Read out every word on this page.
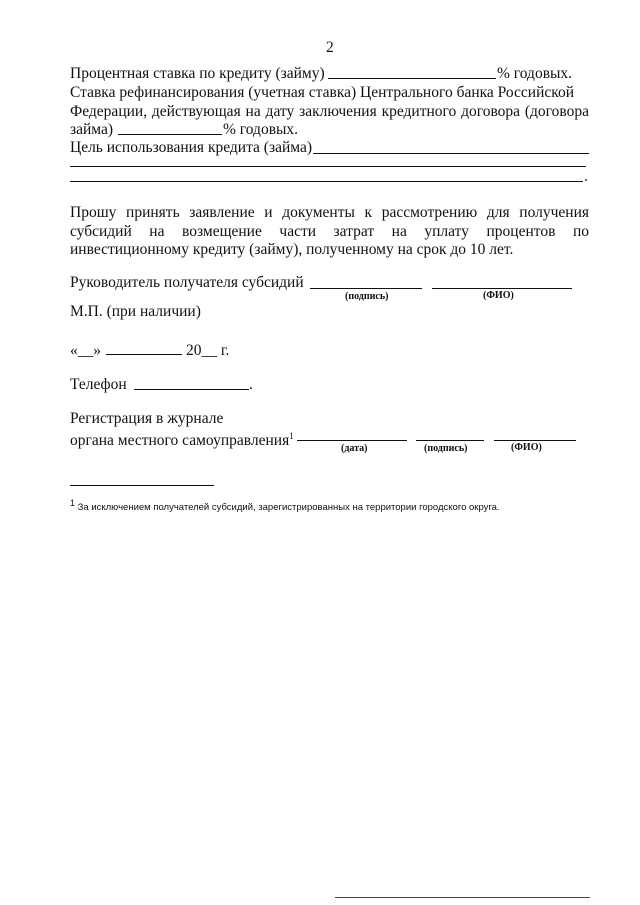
2
Процентная ставка по кредиту (займу)	% годовых.
Ставка рефинансирования (учетная ставка) Центрального банка Российской
Федерации, действующая на дату заключения кредитного договора (договора
займа)	% годовых.
Цель использования кредита (займа)
.
Прошу принять заявление и документы к рассмотрению для получения
субсидий на возмещение части затрат на уплату процентов по
инвестиционному кредиту (займу), полученному на срок до 10 лет.
Руководитель получателя субсидий
(подпись)	(ФИО)
М.П. (при наличии)
«__»	20__ г.
Телефон	.
Регистрация в журнале
органа местного самоуправления$^1$
(дата)	(подпись)	(ФИО)
$^1$ За исключением получателей субсидий, зарегистрированных на территории городского округа.
